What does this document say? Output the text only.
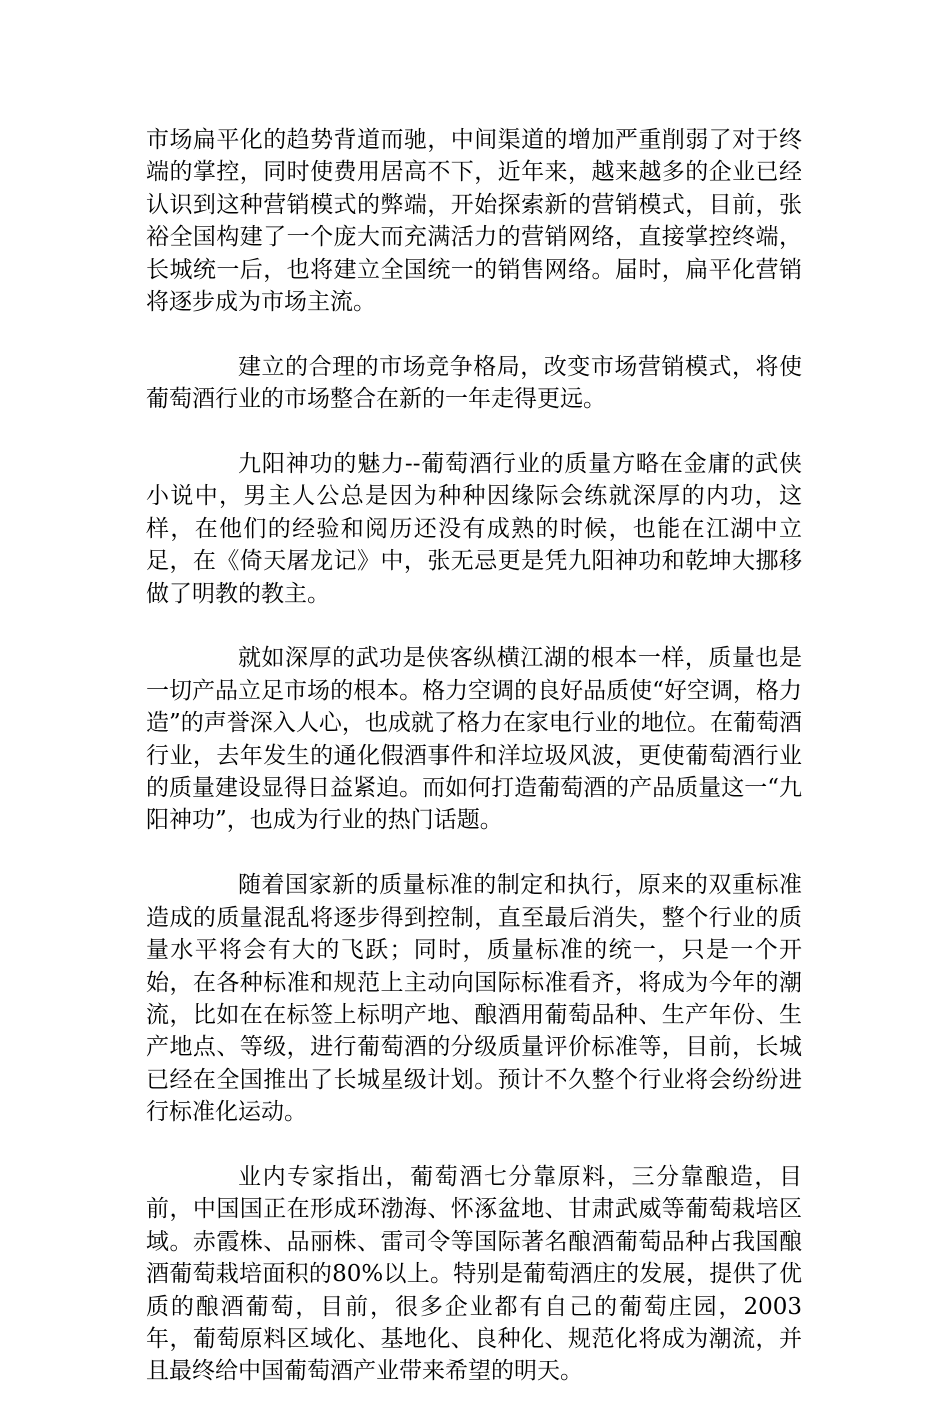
市场扁平化的趋势背道而驰，中间渠道的增加严重削弱了对于终端的掌控，同时使费用居高不下，近年来，越来越多的企业已经认识到这种营销模式的弊端，开始探索新的营销模式，目前，张裕全国构建了一个庞大而充满活力的营销网络，直接掌控终端，长城统一后，也将建立全国统一的销售网络。届时，扁平化营销将逐步成为市场主流。

建立的合理的市场竞争格局，改变市场营销模式，将使葡萄酒行业的市场整合在新的一年走得更远。

九阳神功的魅力--葡萄酒行业的质量方略在金庸的武侠小说中，男主人公总是因为种种因缘际会练就深厚的内功，这样，在他们的经验和阅历还没有成熟的时候，也能在江湖中立足，在《倚天屠龙记》中，张无忌更是凭九阳神功和乾坤大挪移做了明教的教主。

就如深厚的武功是侠客纵横江湖的根本一样，质量也是一切产品立足市场的根本。格力空调的良好品质使“好空调，格力造”的声誉深入人心，也成就了格力在家电行业的地位。在葡萄酒行业，去年发生的通化假酒事件和洋垃圾风波，更使葡萄酒行业的质量建设显得日益紧迫。而如何打造葡萄酒的产品质量这一“九阳神功”，也成为行业的热门话题。

随着国家新的质量标准的制定和执行，原来的双重标准造成的质量混乱将逐步得到控制，直至最后消失，整个行业的质量水平将会有大的飞跃；同时，质量标准的统一，只是一个开始，在各种标准和规范上主动向国际标准看齐，将成为今年的潮流，比如在在标签上标明产地、酿酒用葡萄品种、生产年份、生产地点、等级，进行葡萄酒的分级质量评价标准等，目前，长城已经在全国推出了长城星级计划。预计不久整个行业将会纷纷进行标准化运动。

业内专家指出，葡萄酒七分靠原料，三分靠酿造，目前，中国国正在形成环渤海、怀涿盆地、甘肃武威等葡萄栽培区域。赤霞株、品丽株、雷司令等国际著名酿酒葡萄品种占我国酿酒葡萄栽培面积的80%以上。特别是葡萄酒庄的发展，提供了优质的酿酒葡萄，目前，很多企业都有自己的葡萄庄园，2003年，葡萄原料区域化、基地化、良种化、规范化将成为潮流，并且最终给中国葡萄酒产业带来希望的明天。
